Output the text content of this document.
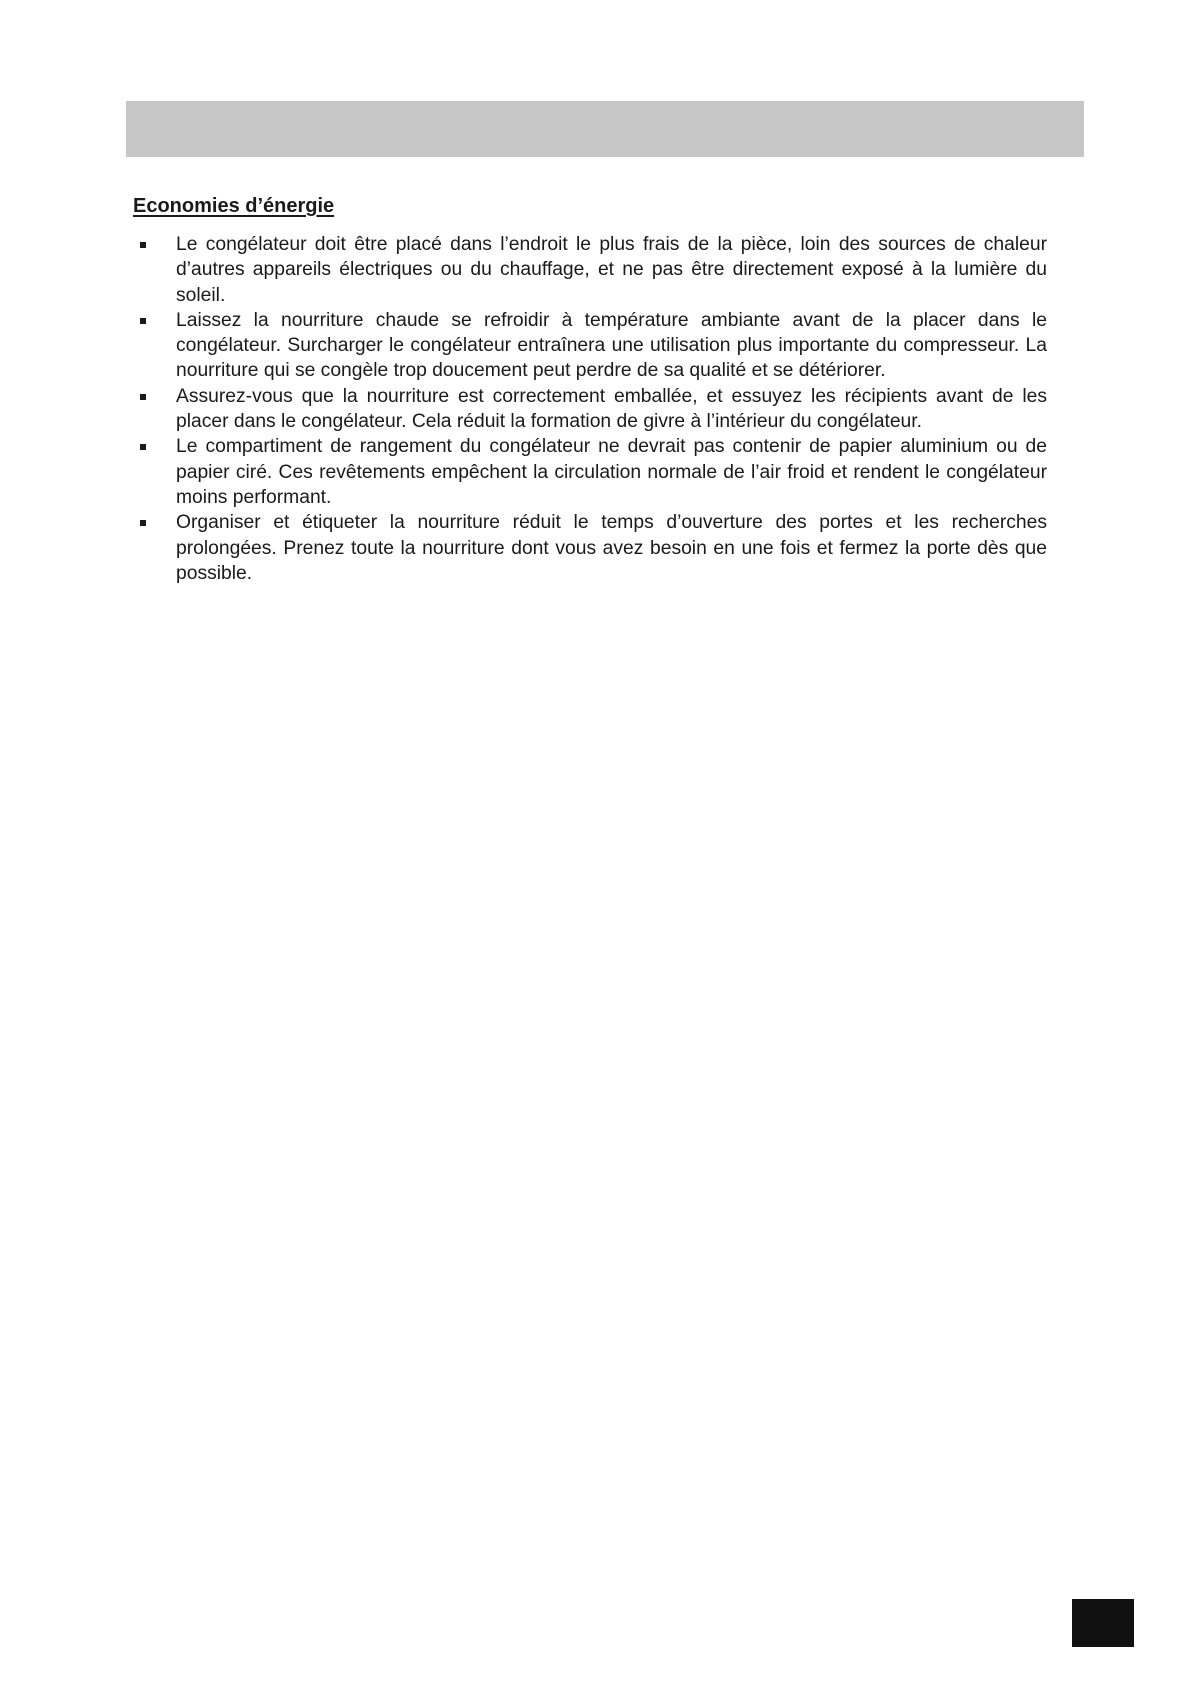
Economies d’énergie
Le congélateur doit être placé dans l’endroit le plus frais de la pièce, loin des sources de chaleur d’autres appareils électriques ou du chauffage, et ne pas être directement exposé à la lumière du soleil.
Laissez la nourriture chaude se refroidir à température ambiante avant de la placer dans le congélateur. Surcharger le congélateur entraînera une utilisation plus importante du compresseur. La nourriture qui se congèle trop doucement peut perdre de sa qualité et se détériorer.
Assurez-vous que la nourriture est correctement emballée, et essuyez les récipients avant de les placer dans le congélateur. Cela réduit la formation de givre à l’intérieur du congélateur.
Le compartiment de rangement du congélateur ne devrait pas contenir de papier aluminium ou de papier ciré. Ces revêtements empêchent la circulation normale de l’air froid et rendent le congélateur moins performant.
Organiser et étiqueter la nourriture réduit le temps d’ouverture des portes et les recherches prolongées. Prenez toute la nourriture dont vous avez besoin en une fois et fermez la porte dès que possible.
